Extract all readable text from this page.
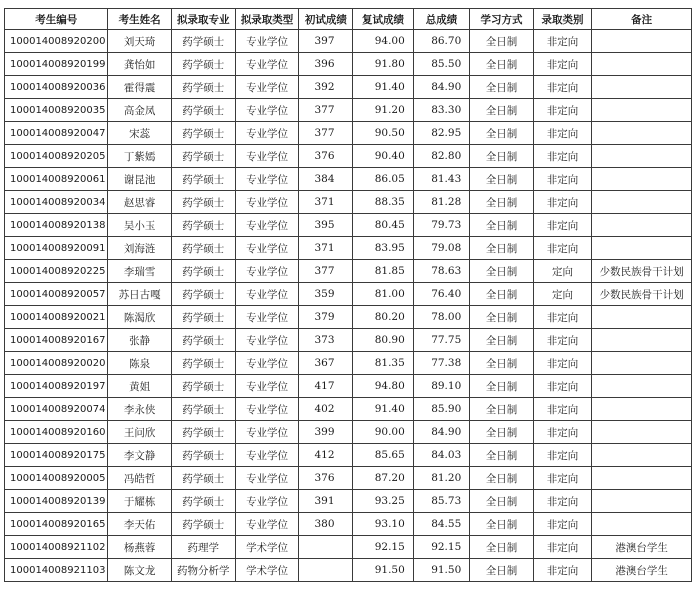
考生编号	考生姓名	拟录取专业	拟录取类型	初试成绩	复试成绩	总成绩	学习方式	录取类别	备注
100014008920200	刘天琦	药学硕士	专业学位	397	94.00	86.70	全日制	非定向	
100014008920199	龚怡如	药学硕士	专业学位	396	91.80	85.50	全日制	非定向	
100014008920036	霍得震	药学硕士	专业学位	392	91.40	84.90	全日制	非定向	
100014008920035	高金凤	药学硕士	专业学位	377	91.20	83.30	全日制	非定向	
100014008920047	宋蕊	药学硕士	专业学位	377	90.50	82.95	全日制	非定向	
100014008920205	丁紫嫣	药学硕士	专业学位	376	90.40	82.80	全日制	非定向	
100014008920061	谢昆池	药学硕士	专业学位	384	86.05	81.43	全日制	非定向	
100014008920034	赵思睿	药学硕士	专业学位	371	88.35	81.28	全日制	非定向	
100014008920138	吴小玉	药学硕士	专业学位	395	80.45	79.73	全日制	非定向	
100014008920091	刘海涟	药学硕士	专业学位	371	83.95	79.08	全日制	非定向	
100014008920225	李瑞雪	药学硕士	专业学位	377	81.85	78.63	全日制	定向	少数民族骨干计划
100014008920057	苏日古嘎	药学硕士	专业学位	359	81.00	76.40	全日制	定向	少数民族骨干计划
100014008920021	陈渴欣	药学硕士	专业学位	379	80.20	78.00	全日制	非定向	
100014008920167	张静	药学硕士	专业学位	373	80.90	77.75	全日制	非定向	
100014008920020	陈泉	药学硕士	专业学位	367	81.35	77.38	全日制	非定向	
100014008920197	黄姐	药学硕士	专业学位	417	94.80	89.10	全日制	非定向	
100014008920074	李永侠	药学硕士	专业学位	402	91.40	85.90	全日制	非定向	
100014008920160	王问欣	药学硕士	专业学位	399	90.00	84.90	全日制	非定向	
100014008920175	李文静	药学硕士	专业学位	412	85.65	84.03	全日制	非定向	
100014008920005	冯皓哲	药学硕士	专业学位	376	87.20	81.20	全日制	非定向	
100014008920139	于耀栋	药学硕士	专业学位	391	93.25	85.73	全日制	非定向	
100014008920165	李天佑	药学硕士	专业学位	380	93.10	84.55	全日制	非定向	
100014008921102	杨燕蓉	药理学	学术学位		92.15	92.15	全日制	非定向	港澳台学生
100014008921103	陈文龙	药物分析学	学术学位		91.50	91.50	全日制	非定向	港澳台学生
